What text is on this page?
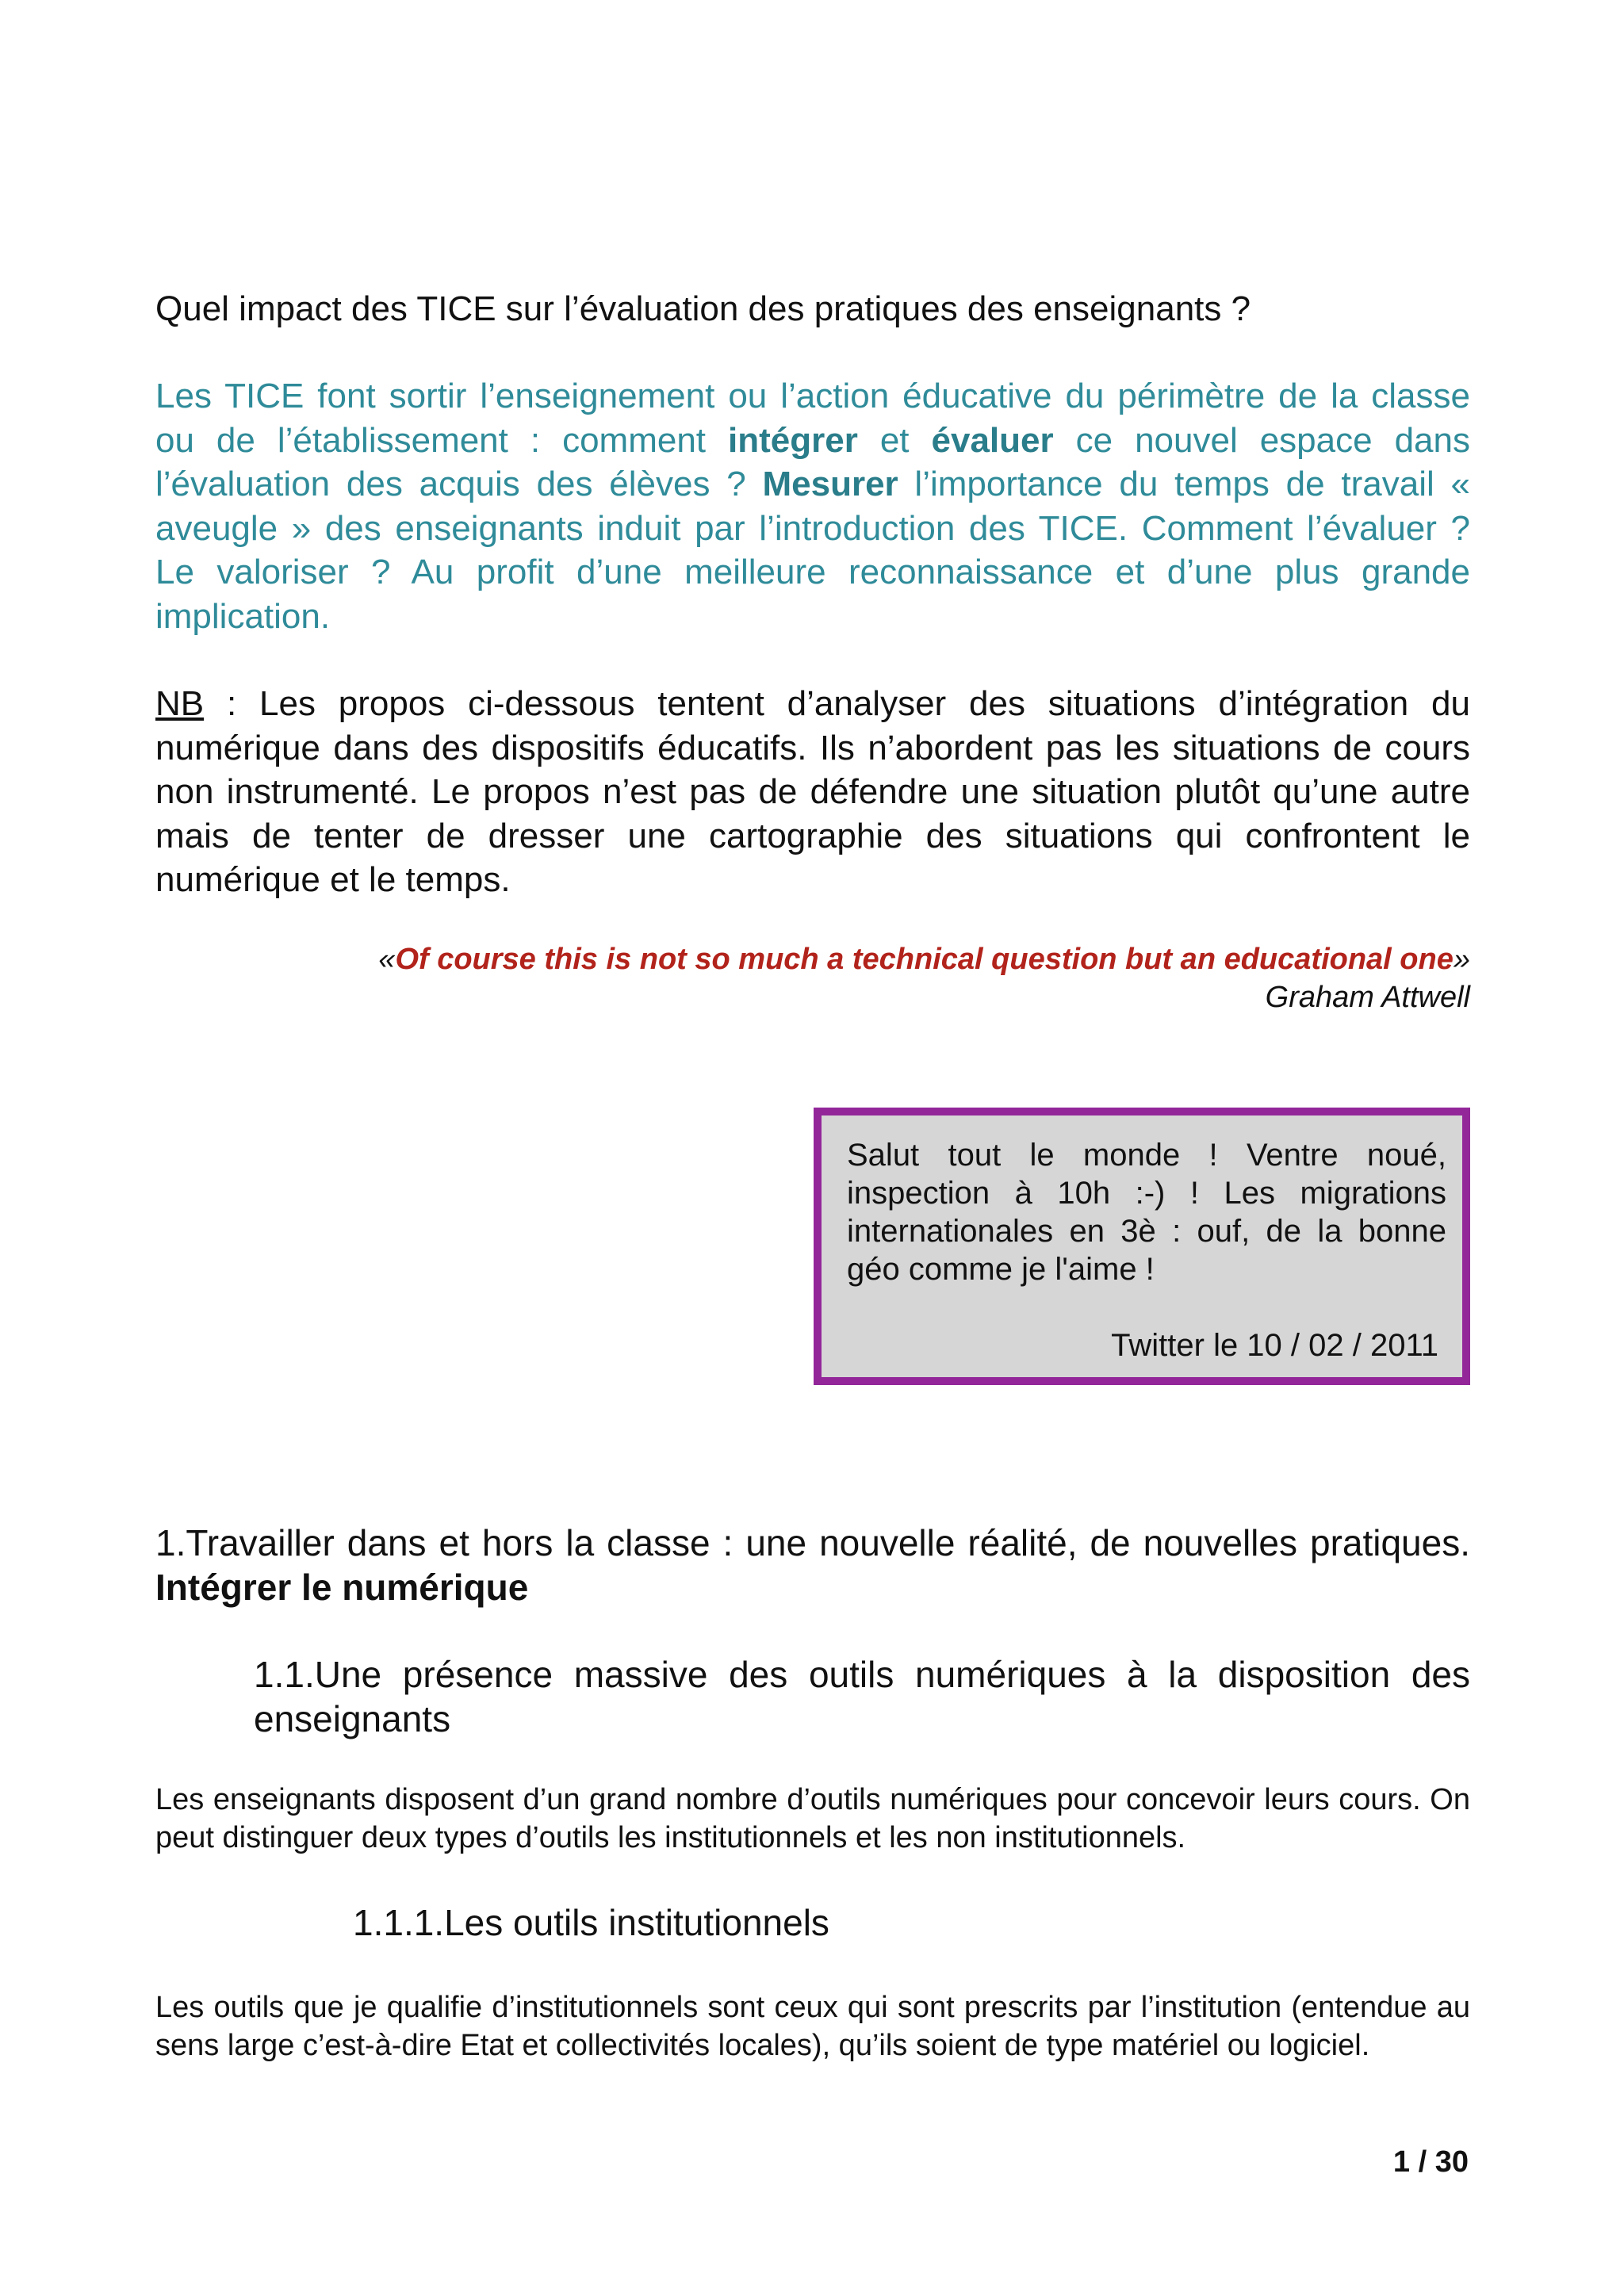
Quel impact des TICE sur l’évaluation des pratiques des enseignants ?
Les TICE font sortir l’enseignement ou l’action éducative du périmètre de la classe ou de l’établissement : comment intégrer et évaluer ce nouvel espace dans l’évaluation des acquis des élèves ? Mesurer l’importance du temps de travail « aveugle » des enseignants induit par l’introduction des TICE. Comment l’évaluer ? Le valoriser ? Au profit d’une meilleure reconnaissance et d’une plus grande implication.
NB : Les propos ci-dessous tentent d’analyser des situations d’intégration du numérique dans des dispositifs éducatifs. Ils n’abordent pas les situations de cours non instrumenté. Le propos n’est pas de défendre une situation plutôt qu’une autre mais de tenter de dresser une cartographie des situations qui confrontent le numérique et le temps.
«Of course this is not so much a technical question but an educational one»
Graham Attwell
Salut tout le monde ! Ventre noué, inspection à 10h :-) ! Les migrations internationales en 3è : ouf, de la bonne géo comme je l'aime !
Twitter le 10 / 02 / 2011
1.Travailler dans et hors la classe : une nouvelle réalité, de nouvelles pratiques. Intégrer le numérique
1.1.Une présence massive des outils numériques à la disposition des enseignants
Les enseignants disposent d’un grand nombre d’outils numériques pour concevoir leurs cours. On peut distinguer deux types d’outils les institutionnels et les non institutionnels.
1.1.1.Les outils institutionnels
Les outils que je qualifie d’institutionnels sont ceux qui sont prescrits par l’institution (entendue au sens large c’est-à-dire Etat et collectivités locales), qu’ils soient de type matériel ou logiciel.
1 / 30
